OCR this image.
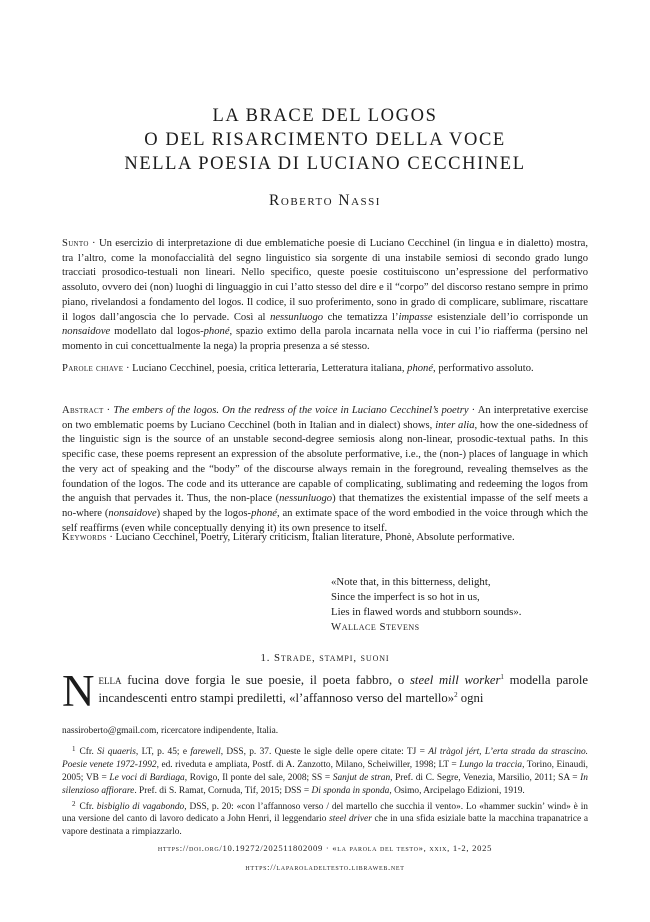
LA BRACE DEL LOGOS
O DEL RISARCIMENTO DELLA VOCE
NELLA POESIA DI LUCIANO CECCHINEL
Roberto Nassi

Sunto · Un esercizio di interpretazione di due emblematiche poesie di Luciano Cecchinel (in lingua e in dialetto) mostra, tra l’altro, come la monofaccialità del segno linguistico sia sorgente di una instabile semiosi di secondo grado lungo tracciati prosodico-testuali non lineari. Nello specifico, queste poesie costituiscono un’espressione del performativo assoluto, ovvero dei (non) luoghi di linguaggio in cui l’atto stesso del dire e il “corpo” del discorso restano sempre in primo piano, rivelandosi a fondamento del logos. Il codice, il suo proferimento, sono in grado di complicare, sublimare, riscattare il logos dall’angoscia che lo pervade. Così al nessunluogo che tematizza l’impasse esistenziale dell’io corrisponde un nonsaidove modellato dal logos-phoné, spazio extimo della parola incarnata nella voce in cui l’io riafferma (persino nel momento in cui concettualmente la nega) la propria presenza a sé stesso.

Parole chiave · Luciano Cecchinel, poesia, critica letteraria, Letteratura italiana, phoné, performativo assoluto.

Abstract · The embers of the logos. On the redress of the voice in Luciano Cecchinel’s poetry · An interpretative exercise on two emblematic poems by Luciano Cecchinel (both in Italian and in dialect) shows, inter alia, how the one-sidedness of the linguistic sign is the source of an unstable second-degree semiosis along non-linear, prosodic-textual paths. In this specific case, these poems represent an expression of the absolute performative, i.e., the (non-) places of language in which the very act of speaking and the “body” of the discourse always remain in the foreground, revealing themselves as the foundation of the logos. The code and its utterance are capable of complicating, sublimating and redeeming the logos from the anguish that pervades it. Thus, the non-place (nessunluogo) that thematizes the existential impasse of the self meets a no-where (nonsaidove) shaped by the logos-phoné, an extimate space of the word embodied in the voice through which the self reaffirms (even while conceptually denying it) its own presence to itself.

Keywords · Luciano Cecchinel, Poetry, Literary criticism, Italian literature, Phonè, Absolute performative.

«Note that, in this bitterness, delight,
Since the imperfect is so hot in us,
Lies in flawed words and stubborn sounds».
Wallace Stevens
1. Strade, stampi, suoni
Nella fucina dove forgia le sue poesie, il poeta fabbro, o steel mill worker$^1$ modella parole incandescenti entro stampi prediletti, «l’affannoso verso del martello»$^2$ ogni

nassiroberto@gmail.com, ricercatore indipendente, Italia.

$^1$ Cfr. Si quaeris, LT, p. 45; e farewell, DSS, p. 37. Queste le sigle delle opere citate: TJ = Al tràgol jért, L’erta strada da strascino. Poesie venete 1972-1992, ed. riveduta e ampliata, Postf. di A. Zanzotto, Milano, Scheiwiller, 1998; LT = Lungo la traccia, Torino, Einaudi, 2005; VB = Le voci di Bardiaga, Rovigo, Il ponte del sale, 2008; SS = Sanjut de stran, Pref. di C. Segre, Venezia, Marsilio, 2011; SA = In silenzioso affiorare. Pref. di S. Ramat, Cornuda, Tif, 2015; DSS = Di sponda in sponda, Osimo, Arcipelago Edizioni, 1919.

$^2$ Cfr. bisbiglio di vagabondo, DSS, p. 20: «con l’affannoso verso / del martello che succhia il vento». Lo «hammer suckin’ wind» è in una versione del canto di lavoro dedicato a John Henri, il leggendario steel driver che in una sfida esiziale batte la macchina trapanatrice a vapore destinata a rimpiazzarlo.

https://doi.org/10.19272/202511802009 · «la parola del testo», xxix, 1-2, 2025
https://laparoladeltesto.libraweb.net
